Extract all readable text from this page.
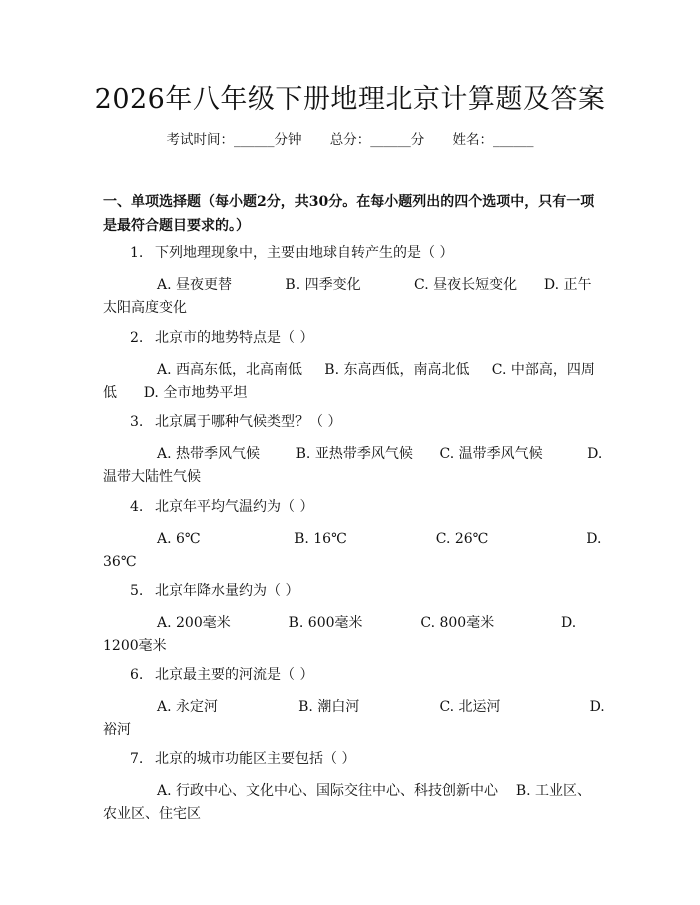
2026年八年级下册地理北京计算题及答案
考试时间：______分钟 总分：______分 姓名：______
一、单项选择题（每小题2分，共30分。在每小题列出的四个选项中，只有一项是最符合题目要求的。）
1. 下列地理现象中，主要由地球自转产生的是（ ）
A. 昼夜更替	B. 四季变化	C. 昼夜长短变化 D. 正午太阳高度变化
2. 北京市的地势特点是（ ）
A. 西高东低，北高南低 B. 东高西低，南高北低 C. 中部高，四周低 D. 全市地势平坦
3. 北京属于哪种气候类型？（ ）
A. 热带季风气候	B. 亚热带季风气候 C. 温带季风气候	D. 温带大陆性气候
4. 北京年平均气温约为（ ）
A. 6℃	B. 16℃	C. 26℃	D. 36℃
5. 北京年降水量约为（ ）
A. 200毫米	B. 600毫米	C. 800毫米	D. 1200毫米
6. 北京最主要的河流是（ ）
A. 永定河	B. 潮白河	C. 北运河	D. 裕河
7. 北京的城市功能区主要包括（ ）
A. 行政中心、文化中心、国际交往中心、科技创新中心 B. 工业区、农业区、住宅区
